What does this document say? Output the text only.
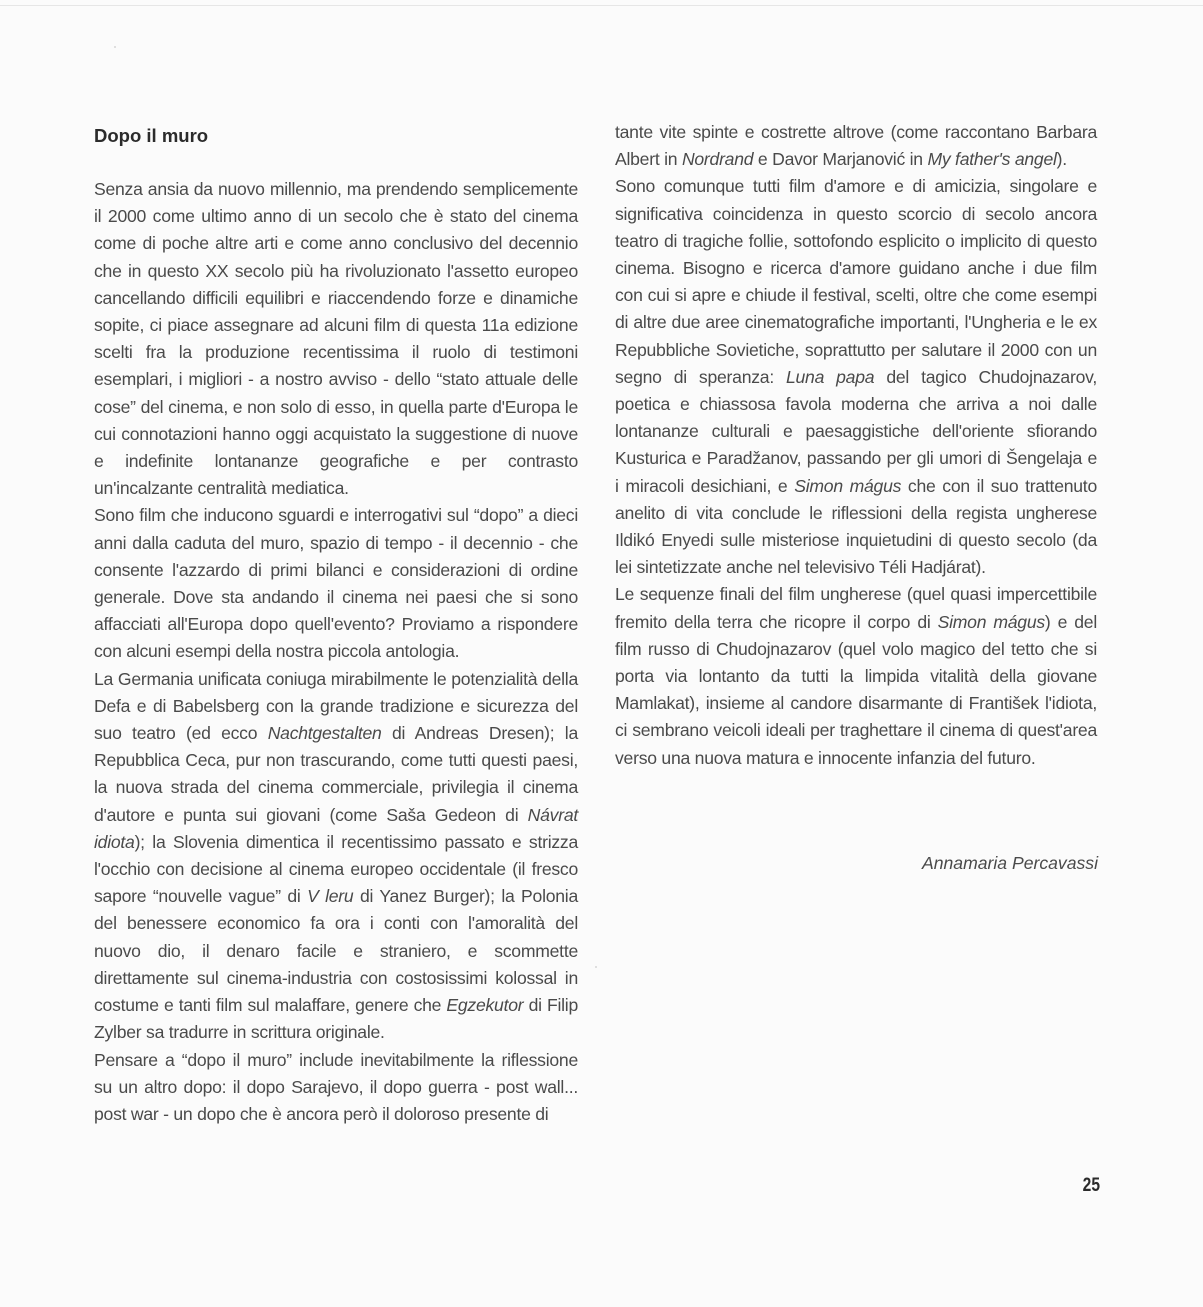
Dopo il muro

Senza ansia da nuovo millennio, ma prendendo semplicemente il 2000 come ultimo anno di un secolo che è stato del cinema come di poche altre arti e come anno conclusivo del decennio che in questo XX secolo più ha rivoluzionato l'assetto europeo cancellando difficili equilibri e riaccendendo forze e dinamiche sopite, ci piace assegnare ad alcuni film di questa 11a edizione scelti fra la produzione recentissima il ruolo di testimoni esemplari, i migliori - a nostro avviso - dello “stato attuale delle cose” del cinema, e non solo di esso, in quella parte d'Europa le cui connotazioni hanno oggi acquistato la suggestione di nuove e indefinite lontananze geografiche e per contrasto un'incalzante centralità mediatica.

Sono film che inducono sguardi e interrogativi sul “dopo” a dieci anni dalla caduta del muro, spazio di tempo - il decennio - che consente l'azzardo di primi bilanci e considerazioni di ordine generale. Dove sta andando il cinema nei paesi che si sono affacciati all'Europa dopo quell'evento? Proviamo a rispondere con alcuni esempi della nostra piccola antologia.

La Germania unificata coniuga mirabilmente le potenzialità della Defa e di Babelsberg con la grande tradizione e sicurezza del suo teatro (ed ecco Nachtgestalten di Andreas Dresen); la Repubblica Ceca, pur non trascurando, come tutti questi paesi, la nuova strada del cinema commerciale, privilegia il cinema d'autore e punta sui giovani (come Saša Gedeon di Návrat idiota); la Slovenia dimentica il recentissimo passato e strizza l'occhio con decisione al cinema europeo occidentale (il fresco sapore “nouvelle vague” di V leru di Yanez Burger); la Polonia del benessere economico fa ora i conti con l'amoralità del nuovo dio, il denaro facile e straniero, e scommette direttamente sul cinema-industria con costosissimi kolossal in costume e tanti film sul malaffare, genere che Egzekutor di Filip Zylber sa tradurre in scrittura originale.

Pensare a “dopo il muro” include inevitabilmente la riflessione su un altro dopo: il dopo Sarajevo, il dopo guerra - post wall... post war - un dopo che è ancora però il doloroso presente di

tante vite spinte e costrette altrove (come raccontano Barbara Albert in Nordrand e Davor Marjanović in My father's angel).

Sono comunque tutti film d'amore e di amicizia, singolare e significativa coincidenza in questo scorcio di secolo ancora teatro di tragiche follie, sottofondo esplicito o implicito di questo cinema. Bisogno e ricerca d'amore guidano anche i due film con cui si apre e chiude il festival, scelti, oltre che come esempi di altre due aree cinematografiche importanti, l'Ungheria e le ex Repubbliche Sovietiche, soprattutto per salutare il 2000 con un segno di speranza: Luna papa del tagico Chudojnazarov, poetica e chiassosa favola moderna che arriva a noi dalle lontananze culturali e paesaggistiche dell'oriente sfiorando Kusturica e Paradžanov, passando per gli umori di Šengelaja e i miracoli desichiani, e Simon mágus che con il suo trattenuto anelito di vita conclude le riflessioni della regista ungherese Ildikó Enyedi sulle misteriose inquietudini di questo secolo (da lei sintetizzate anche nel televisivo Téli Hadjárat).

Le sequenze finali del film ungherese (quel quasi impercettibile fremito della terra che ricopre il corpo di Simon mágus) e del film russo di Chudojnazarov (quel volo magico del tetto che si porta via lontanto da tutti la limpida vitalità della giovane Mamlakat), insieme al candore disarmante di František l'idiota, ci sembrano veicoli ideali per traghettare il cinema di quest'area verso una nuova matura e innocente infanzia del futuro.

Annamaria Percavassi
25
